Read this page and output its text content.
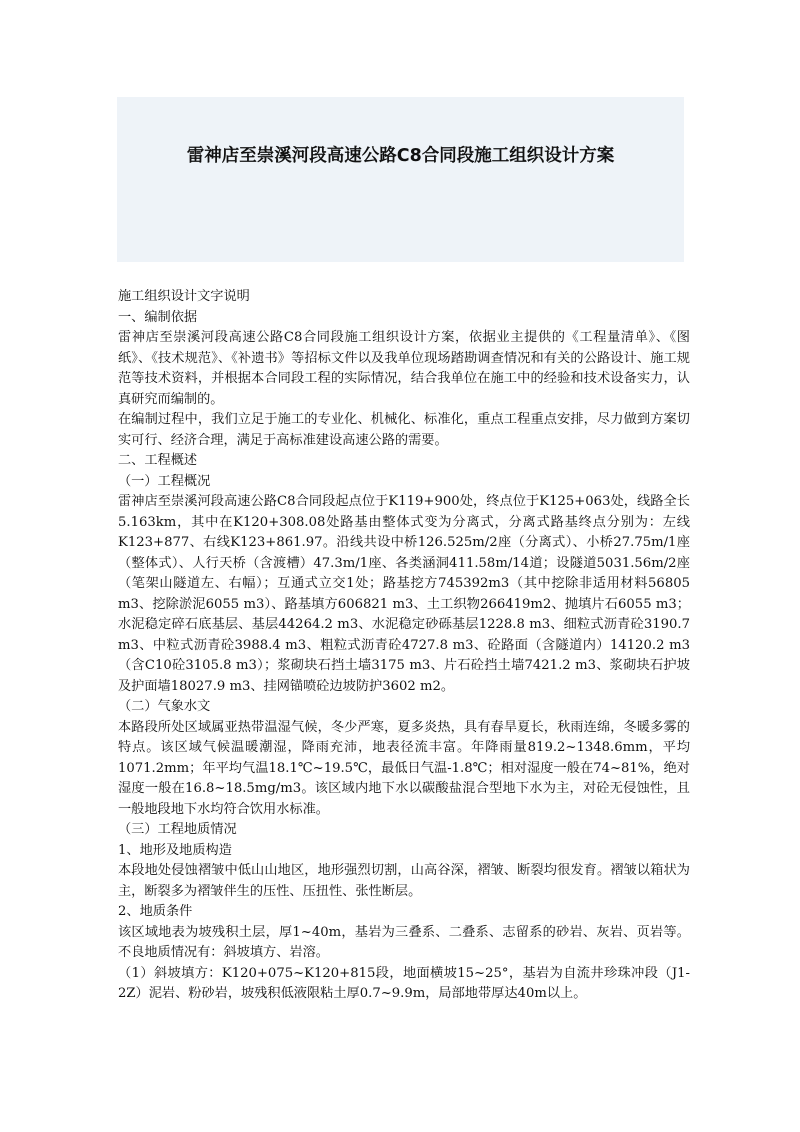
雷神店至崇溪河段高速公路C8合同段施工组织设计方案

施工组织设计文字说明

一、编制依据

雷神店至崇溪河段高速公路C8合同段施工组织设计方案，依据业主提供的《工程量清单》、《图纸》、《技术规范》、《补遗书》等招标文件以及我单位现场踏勘调查情况和有关的公路设计、施工规范等技术资料，并根据本合同段工程的实际情况，结合我单位在施工中的经验和技术设备实力，认真研究而编制的。

在编制过程中，我们立足于施工的专业化、机械化、标准化，重点工程重点安排，尽力做到方案切实可行、经济合理，满足于高标准建设高速公路的需要。

二、工程概述

（一）工程概况

雷神店至崇溪河段高速公路C8合同段起点位于K119+900处，终点位于K125+063处，线路全长5.163km，其中在K120+308.08处路基由整体式变为分离式，分离式路基终点分别为：左线K123+877、右线K123+861.97。沿线共设中桥126.525m/2座（分离式）、小桥27.75m/1座（整体式）、人行天桥（含渡槽）47.3m/1座、各类涵洞411.58m/14道；设隧道5031.56m/2座（笔架山隧道左、右幅）；互通式立交1处；路基挖方745392m3（其中挖除非适用材料56805 m3、挖除淤泥6055 m3）、路基填方606821 m3、土工织物266419m2、抛填片石6055 m3；水泥稳定碎石底基层、基层44264.2 m3、水泥稳定砂砾基层1228.8 m3、细粒式沥青砼3190.7 m3、中粒式沥青砼3988.4 m3、粗粒式沥青砼4727.8 m3、砼路面（含隧道内）14120.2 m3（含C10砼3105.8 m3）；浆砌块石挡土墙3175 m3、片石砼挡土墙7421.2 m3、浆砌块石护坡及护面墙18027.9 m3、挂网锚喷砼边坡防护3602 m2。

（二）气象水文

本路段所处区域属亚热带温湿气候，冬少严寒，夏多炎热，具有春旱夏长，秋雨连绵，冬暖多雾的特点。该区域气候温暖潮湿，降雨充沛，地表径流丰富。年降雨量819.2~1348.6mm，平均1071.2mm；年平均气温18.1℃~19.5℃，最低日气温-1.8℃；相对湿度一般在74~81%，绝对湿度一般在16.8~18.5mg/m3。该区域内地下水以碳酸盐混合型地下水为主，对砼无侵蚀性，且一般地段地下水均符合饮用水标准。

（三）工程地质情况

1、地形及地质构造

本段地处侵蚀褶皱中低山山地区，地形强烈切割，山高谷深，褶皱、断裂均很发育。褶皱以箱状为主，断裂多为褶皱伴生的压性、压扭性、张性断层。

2、地质条件

该区域地表为坡残积土层，厚1~40m，基岩为三叠系、二叠系、志留系的砂岩、灰岩、页岩等。不良地质情况有：斜坡填方、岩溶。

（1）斜坡填方：K120+075~K120+815段，地面横坡15~25°，基岩为自流井珍珠冲段（J1-2Z）泥岩、粉砂岩，坡残积低液限粘土厚0.7~9.9m，局部地带厚达40m以上。
